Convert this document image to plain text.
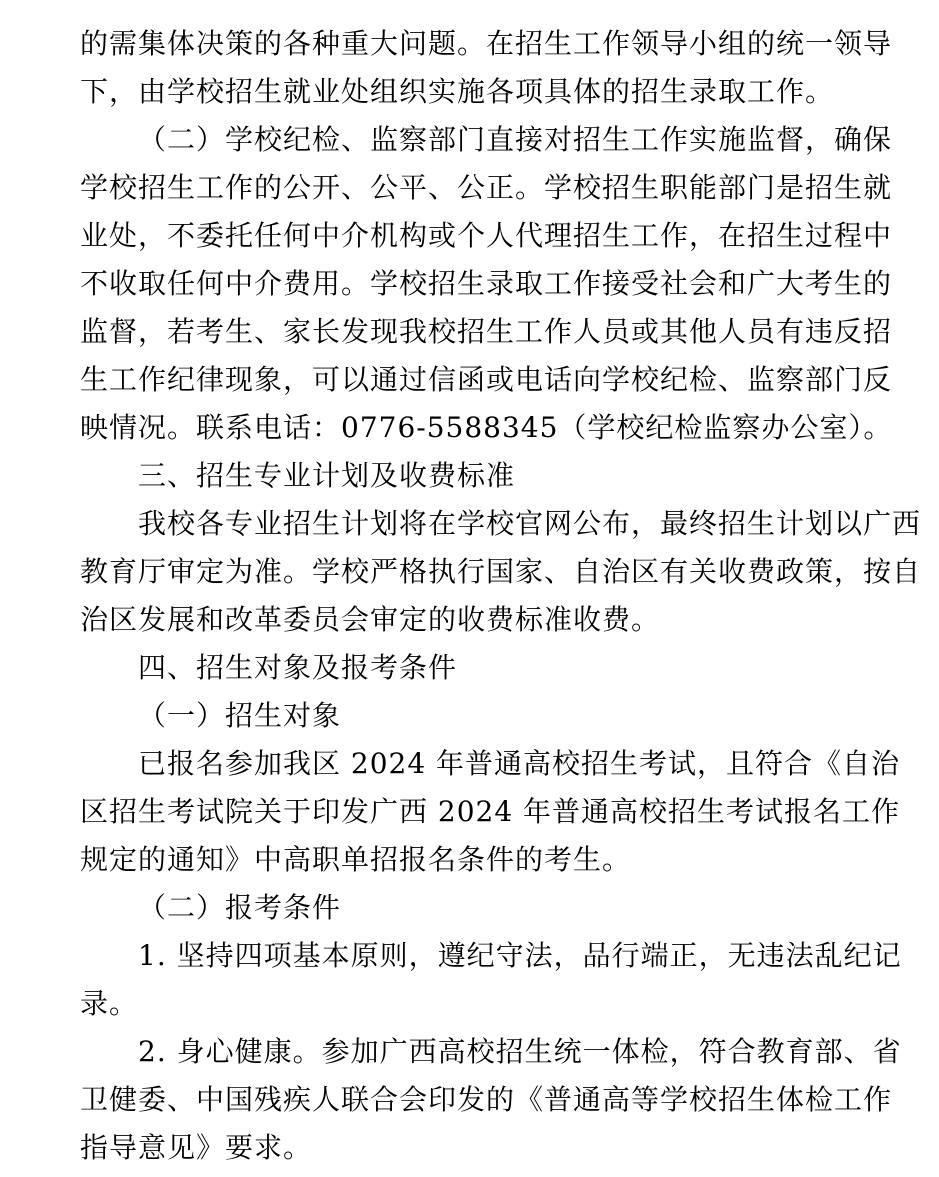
的需集体决策的各种重大问题。在招生工作领导小组的统一领导
下，由学校招生就业处组织实施各项具体的招生录取工作。
（二）学校纪检、监察部门直接对招生工作实施监督，确保
学校招生工作的公开、公平、公正。学校招生职能部门是招生就
业处，不委托任何中介机构或个人代理招生工作，在招生过程中
不收取任何中介费用。学校招生录取工作接受社会和广大考生的
监督，若考生、家长发现我校招生工作人员或其他人员有违反招
生工作纪律现象，可以通过信函或电话向学校纪检、监察部门反
映情况。联系电话：0776-5588345（学校纪检监察办公室）。
三、招生专业计划及收费标准
我校各专业招生计划将在学校官网公布，最终招生计划以广西
教育厅审定为准。学校严格执行国家、自治区有关收费政策，按自
治区发展和改革委员会审定的收费标准收费。
四、招生对象及报考条件
（一）招生对象
已报名参加我区 2024 年普通高校招生考试，且符合《自治
区招生考试院关于印发广西 2024 年普通高校招生考试报名工作
规定的通知》中高职单招报名条件的考生。
（二）报考条件
1. 坚持四项基本原则，遵纪守法，品行端正，无违法乱纪记
录。
2. 身心健康。参加广西高校招生统一体检，符合教育部、省
卫健委、中国残疾人联合会印发的《普通高等学校招生体检工作
指导意见》要求。
